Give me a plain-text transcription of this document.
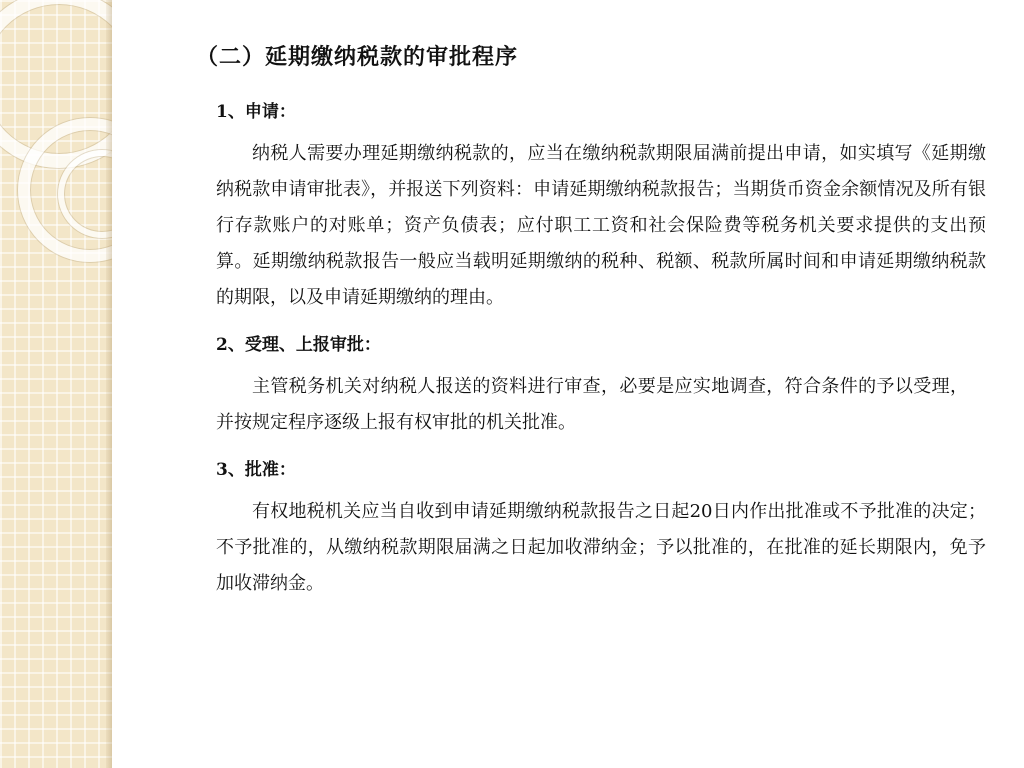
（二）延期缴纳税款的审批程序
1、申请：

纳税人需要办理延期缴纳税款的，应当在缴纳税款期限届满前提出申请，如实填写《延期缴纳税款申请审批表》，并报送下列资料：申请延期缴纳税款报告；当期货币资金余额情况及所有银行存款账户的对账单；资产负债表；应付职工工资和社会保险费等税务机关要求提供的支出预算。延期缴纳税款报告一般应当载明延期缴纳的税种、税额、税款所属时间和申请延期缴纳税款的期限，以及申请延期缴纳的理由。

2、受理、上报审批：

主管税务机关对纳税人报送的资料进行审查，必要是应实地调查，符合条件的予以受理，并按规定程序逐级上报有权审批的机关批准。

3、批准：

有权地税机关应当自收到申请延期缴纳税款报告之日起20日内作出批准或不予批准的决定；不予批准的，从缴纳税款期限届满之日起加收滞纳金；予以批准的，在批准的延长期限内，免予加收滞纳金。
